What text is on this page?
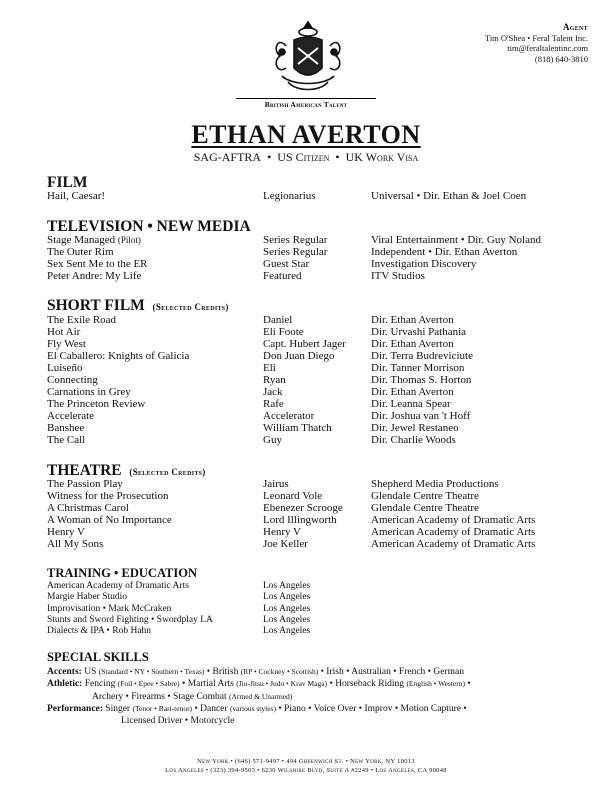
Agent
Tim O'Shea • Feral Talent Inc.
tim@feraltalentinc.com
(818) 640-3810
British American Talent
ETHAN AVERTON
SAG-AFTRA • US Citizen • UK Work Visa
FILM
Hail, Caesar!	Legionarius	Universal • Dir. Ethan & Joel Coen
TELEVISION • NEW MEDIA
Stage Managed (Pilot)	Series Regular	Viral Entertainment • Dir. Guy Noland
The Outer Rim	Series Regular	Independent • Dir. Ethan Averton
Sex Sent Me to the ER	Guest Star	Investigation Discovery
Peter Andre: My Life	Featured	ITV Studios
SHORT FILM (Selected Credits)
The Exile Road	Daniel	Dir. Ethan Averton
Hot Air	Eli Foote	Dir. Urvashi Pathania
Fly West	Capt. Hubert Jager	Dir. Ethan Averton
El Caballero: Knights of Galicia	Don Juan Diego	Dir. Terra Budreviciute
Luiseño	Eli	Dir. Tanner Morrison
Connecting	Ryan	Dir. Thomas S. Horton
Carnations in Grey	Jack	Dir. Ethan Averton
The Princeton Review	Rafe	Dir. Leanna Spear
Accelerate	Accelerator	Dir. Joshua van 't Hoff
Banshee	William Thatch	Dir. Jewel Restaneo
The Call	Guy	Dir. Charlie Woods
THEATRE (Selected Credits)
The Passion Play	Jairus	Shepherd Media Productions
Witness for the Prosecution	Leonard Vole	Glendale Centre Theatre
A Christmas Carol	Ebenezer Scrooge	Glendale Centre Theatre
A Woman of No Importance	Lord Illingworth	American Academy of Dramatic Arts
Henry V	Henry V	American Academy of Dramatic Arts
All My Sons	Joe Keller	American Academy of Dramatic Arts
TRAINING • EDUCATION
American Academy of Dramatic Arts	Los Angeles
Margie Haber Studio	Los Angeles
Improvisation • Mark McCraken	Los Angeles
Stunts and Sword Fighting • Swordplay LA	Los Angeles
Dialects & IPA • Rob Hahn	Los Angeles
SPECIAL SKILLS
Accents: US (Standard • NY • Southern • Texas) • British (RP • Cockney • Scottish) • Irish • Australian • French • German
Athletic: Fencing (Foil • Epee • Sabre) • Martial Arts (Jiu-Jitsu • Judo • Krav Maga) • Horseback Riding (English • Western) •
Archery • Firearms • Stage Combat (Armed & Unarmed)
Performance: Singer (Tenor • Bari-tenor) • Dancer (various styles) • Piano • Voice Over • Improv • Motion Capture •
Licensed Driver • Motorcycle
New York • (646) 571-9497 • 494 Greenwich St. • New York, NY 10013
Los Angeles • (323) 394-9503 • 6230 Wilshire Blvd, Suite A #2249 • Los Angeles, CA 90048
